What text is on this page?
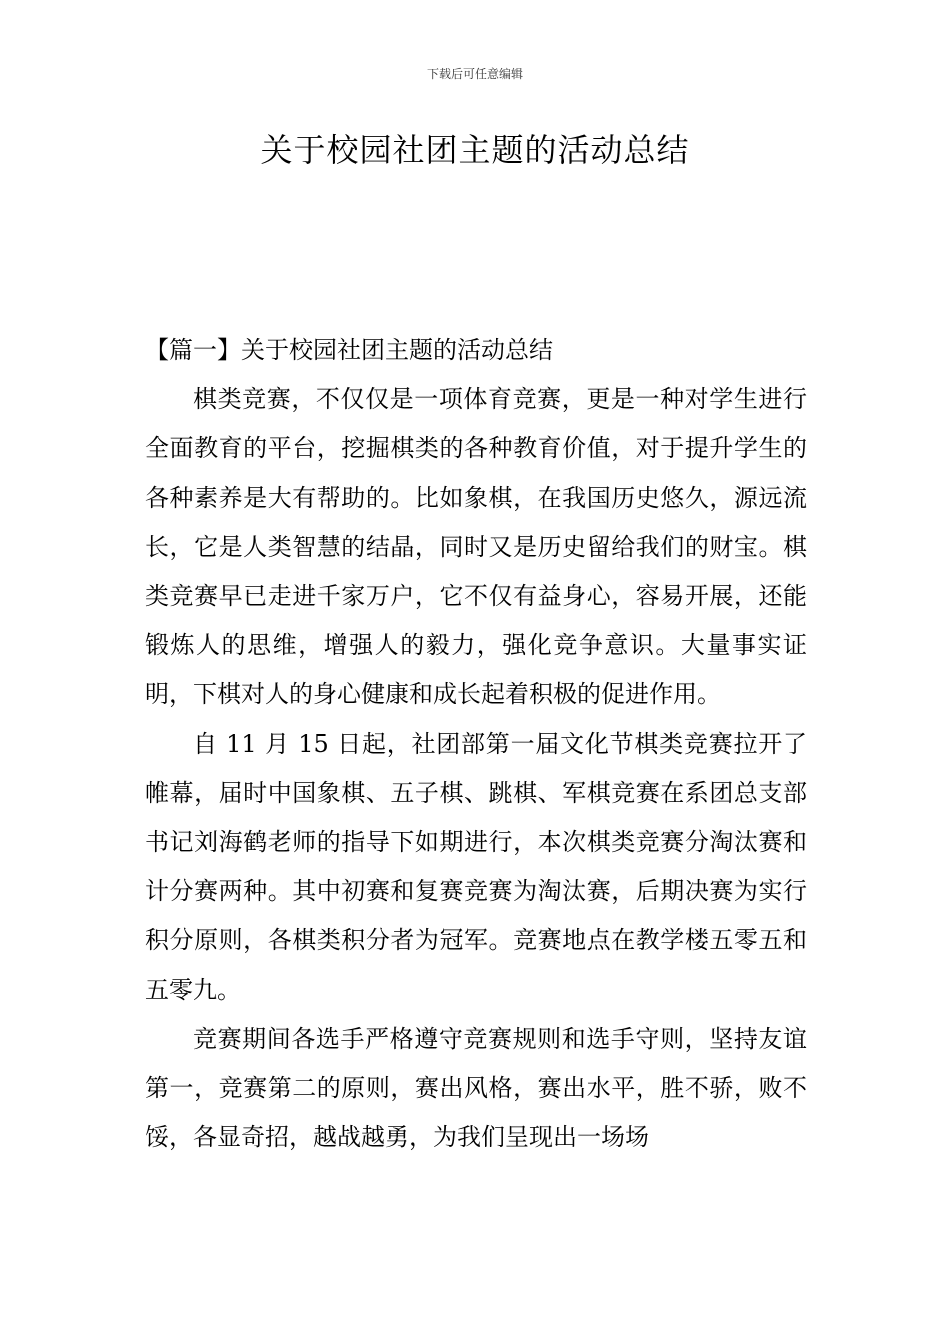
下载后可任意编辑
关于校园社团主题的活动总结
【篇一】关于校园社团主题的活动总结

棋类竞赛，不仅仅是一项体育竞赛，更是一种对学生进行全面教育的平台，挖掘棋类的各种教育价值，对于提升学生的各种素养是大有帮助的。比如象棋，在我国历史悠久，源远流长，它是人类智慧的结晶，同时又是历史留给我们的财宝。棋类竞赛早已走进千家万户，它不仅有益身心，容易开展，还能锻炼人的思维，增强人的毅力，强化竞争意识。大量事实证明，下棋对人的身心健康和成长起着积极的促进作用。

自 11 月 15 日起，社团部第一届文化节棋类竞赛拉开了帷幕，届时中国象棋、五子棋、跳棋、军棋竞赛在系团总支部书记刘海鹤老师的指导下如期进行，本次棋类竞赛分淘汰赛和计分赛两种。其中初赛和复赛竞赛为淘汰赛，后期决赛为实行积分原则，各棋类积分者为冠军。竞赛地点在教学楼五零五和五零九。

竞赛期间各选手严格遵守竞赛规则和选手守则，坚持友谊第一，竞赛第二的原则，赛出风格，赛出水平，胜不骄，败不馁，各显奇招，越战越勇，为我们呈现出一场场
